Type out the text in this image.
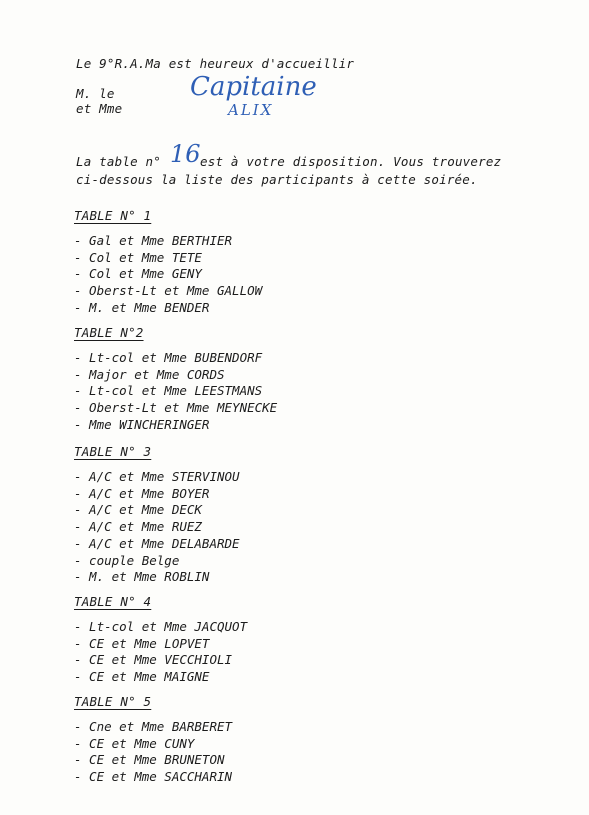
Le 9°R.A.Ma est heureux d'accueillir
M. le
et Mme
Capitaine
ALIX
La table n° 16 est à votre disposition. Vous trouverez
ci-dessous la liste des participants à cette soirée.
TABLE N° 1
- Gal et Mme BERTHIER
- Col et Mme TETE
- Col et Mme GENY
- Oberst-Lt et Mme GALLOW
- M. et Mme BENDER
TABLE N°2
- Lt-col et Mme BUBENDORF
- Major et Mme CORDS
- Lt-col et Mme LEESTMANS
- Oberst-Lt et Mme MEYNECKE
- Mme WINCHERINGER
TABLE N° 3
- A/C et Mme STERVINOU
- A/C et Mme BOYER
- A/C et Mme DECK
- A/C et Mme RUEZ
- A/C et Mme DELABARDE
- couple Belge
- M. et Mme ROBLIN
TABLE N° 4
- Lt-col et Mme JACQUOT
- CE et Mme LOPVET
- CE et Mme VECCHIOLI
- CE et Mme MAIGNE
TABLE N° 5
- Cne et Mme BARBERET
- CE et Mme CUNY
- CE et Mme BRUNETON
- CE et Mme SACCHARIN
